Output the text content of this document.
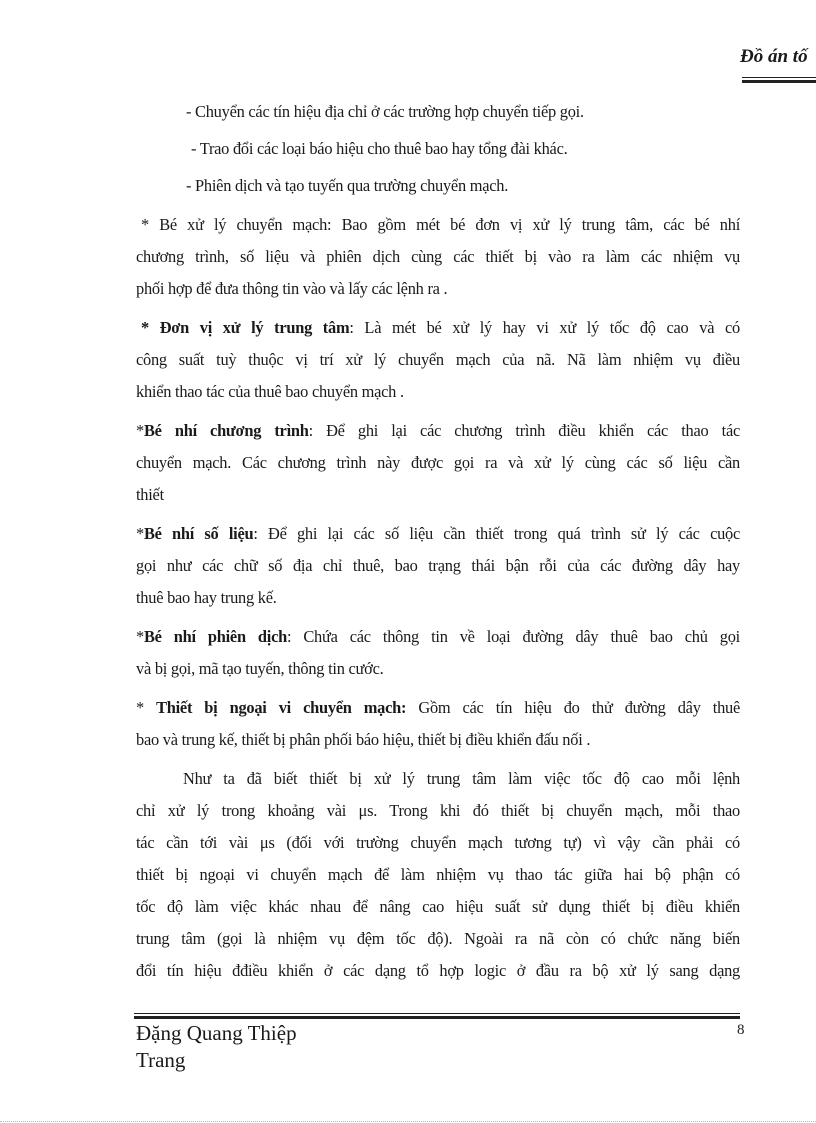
Đồ án tố
- Chuyển các tín hiệu địa chỉ ở các trường hợp chuyển tiếp gọi.
- Trao đổi các loại báo hiệu cho thuê bao hay tổng đài khác.
- Phiên dịch và tạo tuyến qua trường chuyển mạch.
* Bé xử lý chuyển mạch: Bao gồm mét bé đơn vị xử lý trung tâm, các bé nhí
chương trình, số liệu và phiên dịch cùng các thiết bị vào ra làm các nhiệm vụ
phối hợp để đưa thông tin vào và lấy các lệnh ra .
* Đơn vị xử lý trung tâm: Là mét bé xử lý hay vi xử lý tốc độ cao và có
công suất tuỳ thuộc vị trí xử lý chuyển mạch của nã. Nã làm nhiệm vụ điều
khiển thao tác của thuê bao chuyển mạch .
*Bé nhí chương trình: Để ghi lại các chương trình điều khiển các thao tác
chuyển mạch. Các chương trình này được gọi ra và xử lý cùng các số liệu cần
thiết
*Bé nhí số liệu: Để ghi lại các số liệu cần thiết trong quá trình sử lý các cuộc
gọi như các chữ số địa chỉ thuê, bao trạng thái bận rỗi của các đường dây hay
thuê bao hay trung kế.
*Bé nhí phiên dịch: Chứa các thông tin về loại đường dây thuê bao chủ gọi
và bị gọi, mã tạo tuyến, thông tin cước.
* Thiết bị ngoại vi chuyển mạch: Gồm các tín hiệu đo thử đường dây thuê
bao và trung kế, thiết bị phân phối báo hiệu, thiết bị điều khiển đấu nối .
Như ta đã biết thiết bị xử lý trung tâm làm việc tốc độ cao mỗi lệnh
chỉ xử lý trong khoảng vài μs. Trong khi đó thiết bị chuyển mạch, mỗi thao
tác cần tới vài μs (đối với trường chuyển mạch tương tự) vì vậy cần phải có
thiết bị ngoại vi chuyển mạch để làm nhiệm vụ thao tác giữa hai bộ phận có
tốc độ làm việc khác nhau để nâng cao hiệu suất sử dụng thiết bị điều khiển
trung tâm (gọi là nhiệm vụ đệm tốc độ). Ngoài ra nã còn có chức năng biến
đổi tín hiệu đđiều khiển ở các dạng tổ hợp logic ở đầu ra bộ xử lý sang dạng
Đặng Quang Thiệp
Trang
8
